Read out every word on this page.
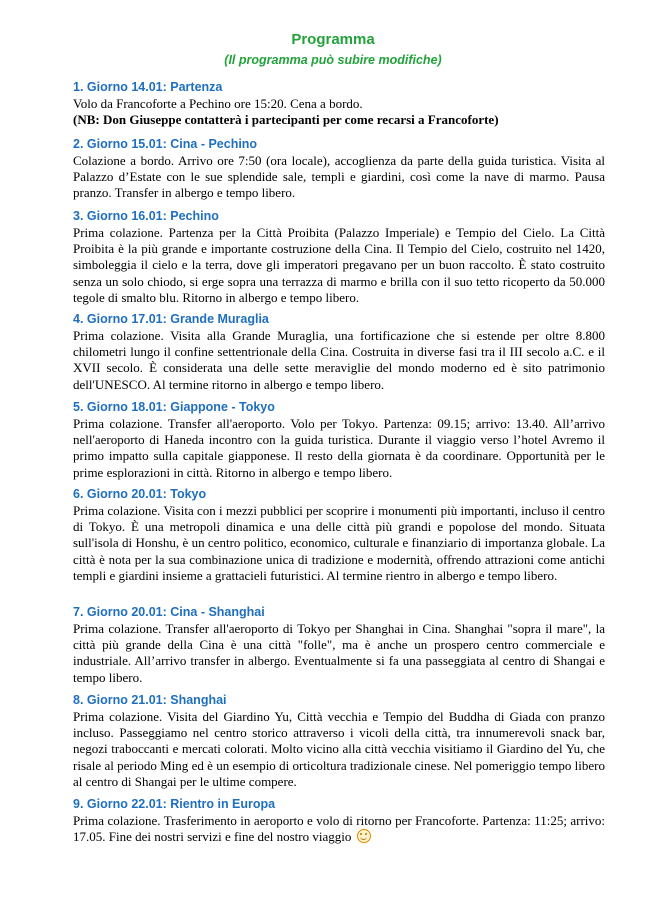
Programma
(Il programma può subire modifiche)
1. Giorno 14.01: Partenza
Volo da Francoforte a Pechino ore 15:20. Cena a bordo.
(NB: Don Giuseppe contatterà i partecipanti per come recarsi a Francoforte)
2. Giorno 15.01: Cina - Pechino
Colazione a bordo. Arrivo ore 7:50 (ora locale), accoglienza da parte della guida turistica. Visita al Palazzo d’Estate con le sue splendide sale, templi e giardini, così come la nave di marmo. Pausa pranzo. Transfer in albergo e tempo libero.
3. Giorno 16.01: Pechino
Prima colazione. Partenza per la Città Proibita (Palazzo Imperiale) e Tempio del Cielo. La Città Proibita è la più grande e importante costruzione della Cina. Il Tempio del Cielo, costruito nel 1420, simboleggia il cielo e la terra, dove gli imperatori pregavano per un buon raccolto. È stato costruito senza un solo chiodo, si erge sopra una terrazza di marmo e brilla con il suo tetto ricoperto da 50.000 tegole di smalto blu. Ritorno in albergo e tempo libero.
4. Giorno 17.01: Grande Muraglia
Prima colazione. Visita alla Grande Muraglia, una fortificazione che si estende per oltre 8.800 chilometri lungo il confine settentrionale della Cina. Costruita in diverse fasi tra il III secolo a.C. e il XVII secolo. È considerata una delle sette meraviglie del mondo moderno ed è sito patrimonio dell'UNESCO. Al termine ritorno in albergo e tempo libero.
5. Giorno 18.01: Giappone - Tokyo
Prima colazione. Transfer all'aeroporto. Volo per Tokyo. Partenza: 09.15; arrivo: 13.40. All’arrivo nell'aeroporto di Haneda incontro con la guida turistica. Durante il viaggio verso l’hotel Avremo il primo impatto sulla capitale giapponese. Il resto della giornata è da coordinare. Opportunità per le prime esplorazioni in città. Ritorno in albergo e tempo libero.
6. Giorno 20.01: Tokyo
Prima colazione. Visita con i mezzi pubblici per scoprire i monumenti più importanti, incluso il centro di Tokyo. È una metropoli dinamica e una delle città più grandi e popolose del mondo. Situata sull'isola di Honshu, è un centro politico, economico, culturale e finanziario di importanza globale. La città è nota per la sua combinazione unica di tradizione e modernità, offrendo attrazioni come antichi templi e giardini insieme a grattacieli futuristici. Al termine rientro in albergo e tempo libero.
7. Giorno 20.01: Cina - Shanghai
Prima colazione. Transfer all'aeroporto di Tokyo per Shanghai in Cina. Shanghai "sopra il mare", la città più grande della Cina è una città "folle", ma è anche un prospero centro commerciale e industriale. All’arrivo transfer in albergo. Eventualmente si fa una passeggiata al centro di Shangai e tempo libero.
8. Giorno 21.01: Shanghai
Prima colazione. Visita del Giardino Yu, Città vecchia e Tempio del Buddha di Giada con pranzo incluso. Passeggiamo nel centro storico attraverso i vicoli della città, tra innumerevoli snack bar, negozi traboccanti e mercati colorati. Molto vicino alla città vecchia visitiamo il Giardino del Yu, che risale al periodo Ming ed è un esempio di orticoltura tradizionale cinese. Nel pomeriggio tempo libero al centro di Shangai per le ultime compere.
9. Giorno 22.01: Rientro in Europa
Prima colazione. Trasferimento in aeroporto e volo di ritorno per Francoforte. Partenza: 11:25; arrivo: 17.05. Fine dei nostri servizi e fine del nostro viaggio
